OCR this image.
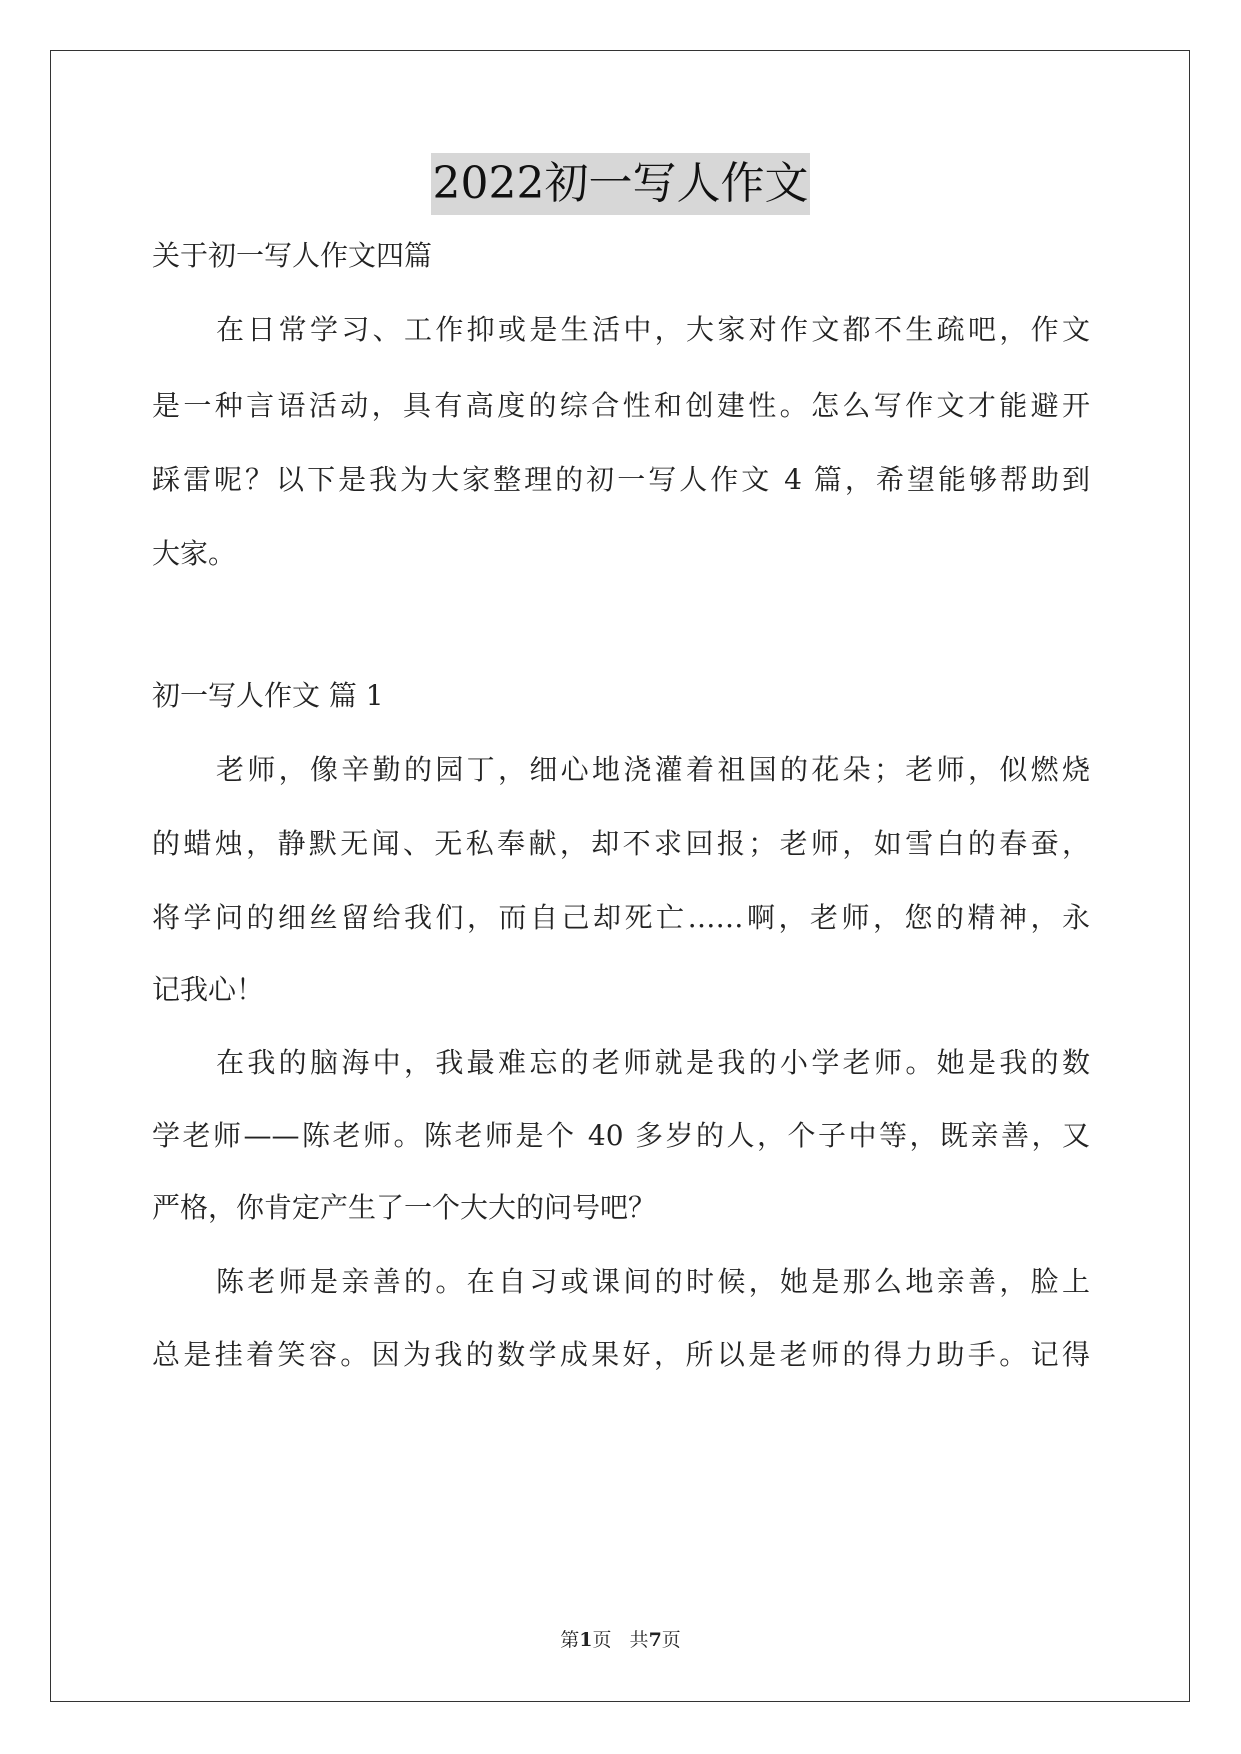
2022初一写人作文
关于初一写人作文四篇
在日常学习、工作抑或是生活中，大家对作文都不生疏吧，作文
是一种言语活动，具有高度的综合性和创建性。怎么写作文才能避开
踩雷呢？以下是我为大家整理的初一写人作文 4 篇，希望能够帮助到
大家。
初一写人作文 篇 1
老师，像辛勤的园丁，细心地浇灌着祖国的花朵；老师，似燃烧
的蜡烛，静默无闻、无私奉献，却不求回报；老师，如雪白的春蚕，
将学问的细丝留给我们，而自己却死亡……啊，老师，您的精神，永
记我心！
在我的脑海中，我最难忘的老师就是我的小学老师。她是我的数
学老师——陈老师。陈老师是个 40 多岁的人，个子中等，既亲善，又
严格，你肯定产生了一个大大的问号吧？
陈老师是亲善的。在自习或课间的时候，她是那么地亲善，脸上
总是挂着笑容。因为我的数学成果好，所以是老师的得力助手。记得
第1页   共7页
